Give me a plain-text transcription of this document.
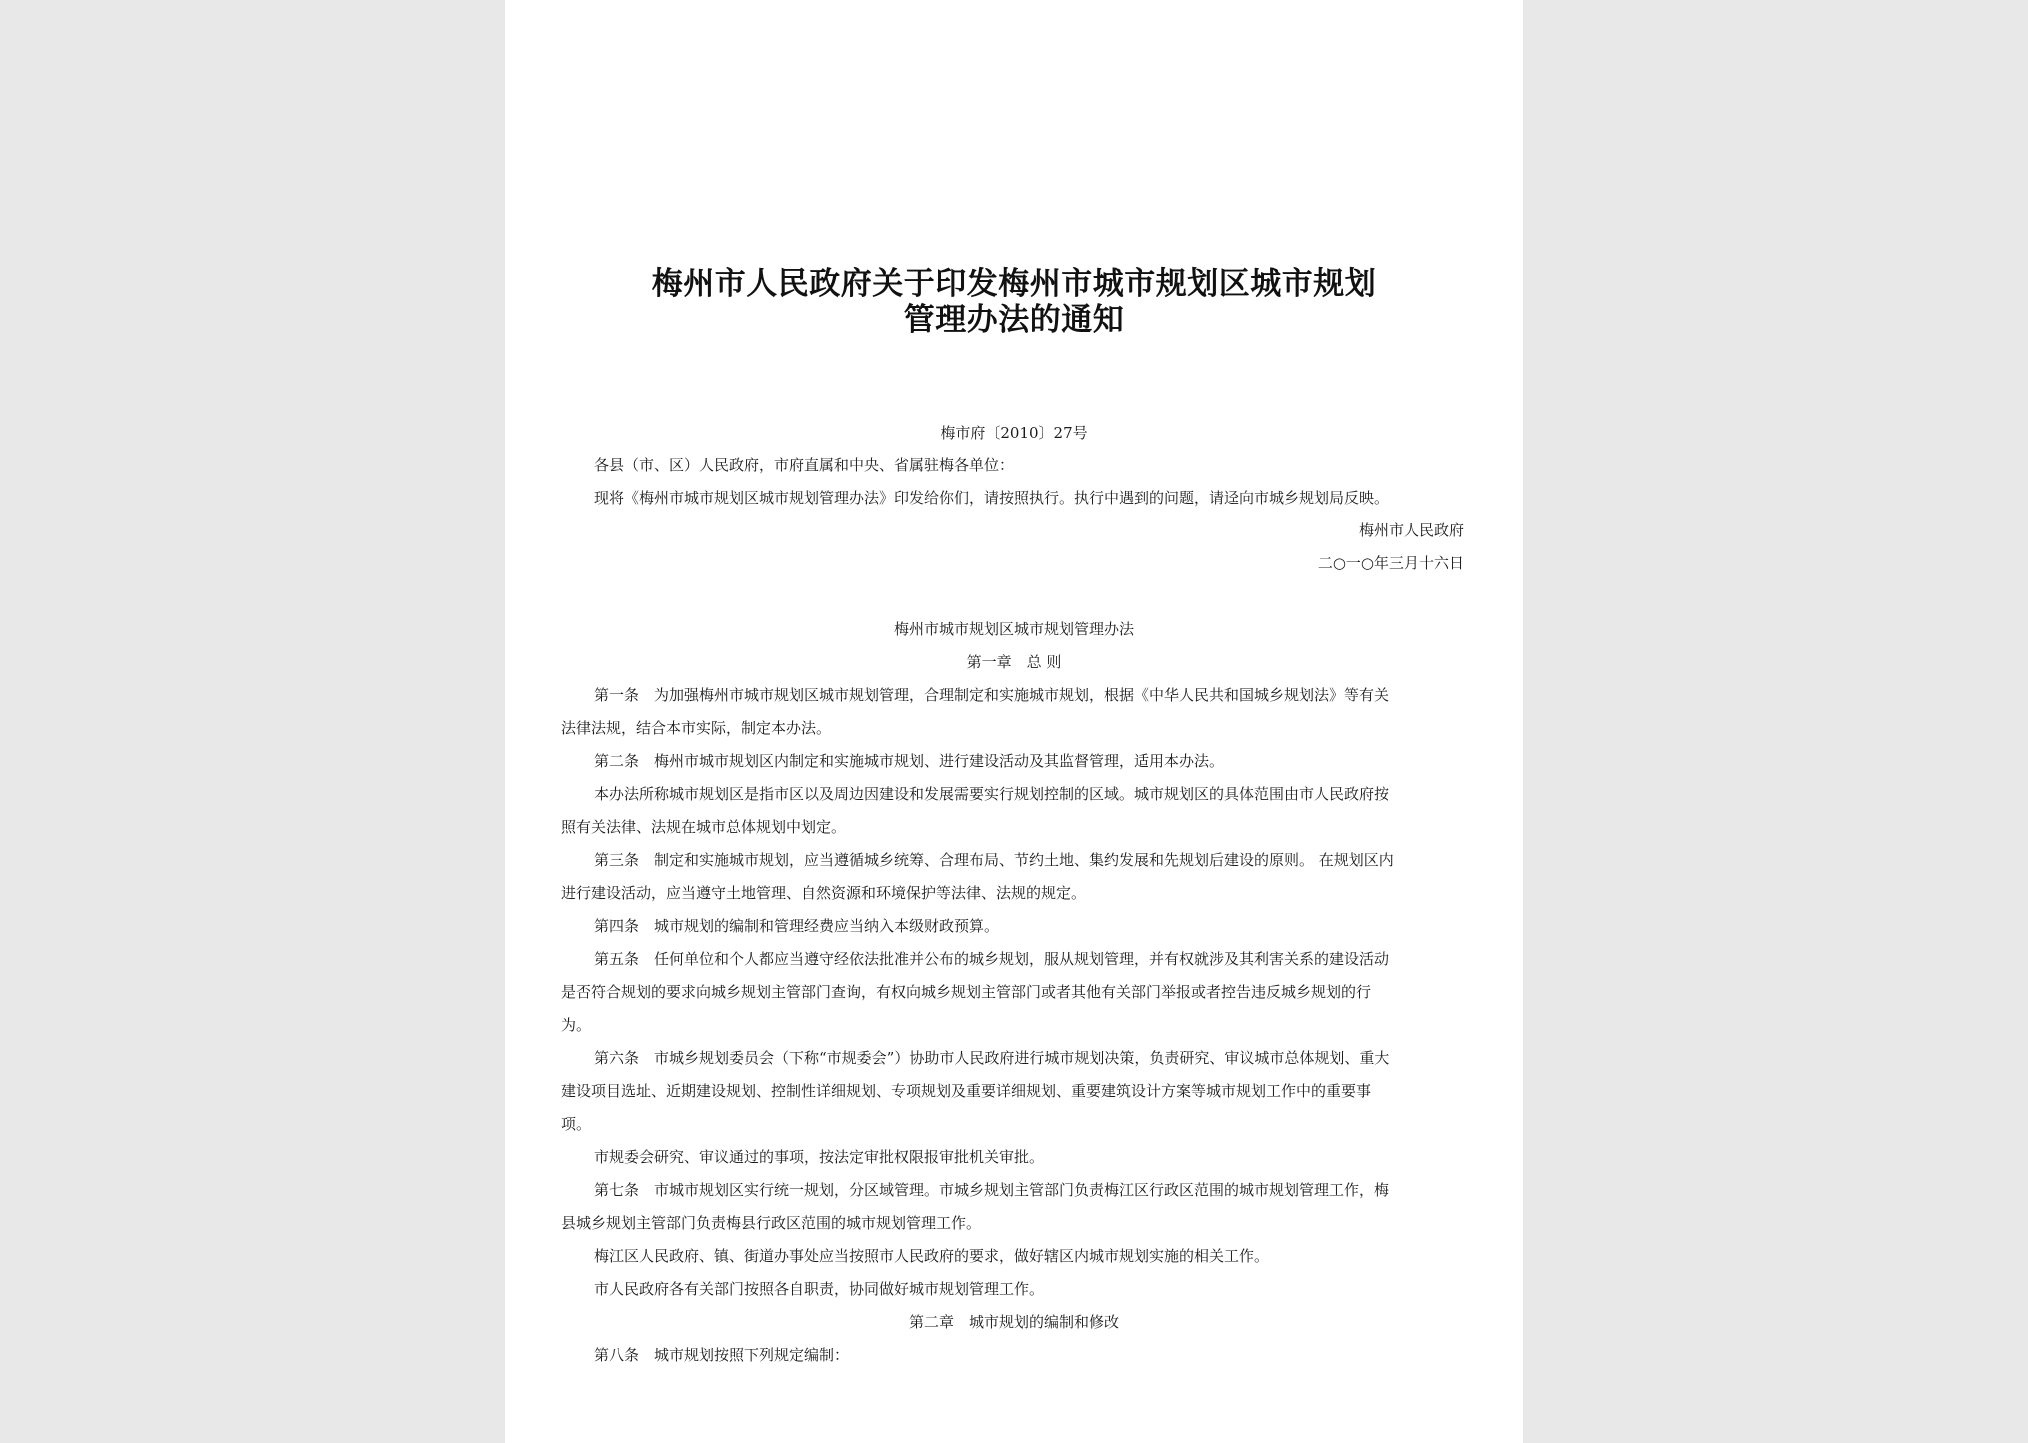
梅州市人民政府关于印发梅州市城市规划区城市规划
管理办法的通知
梅市府〔2010〕27号
各县（市、区）人民政府，市府直属和中央、省属驻梅各单位：
现将《梅州市城市规划区城市规划管理办法》印发给你们，请按照执行。执行中遇到的问题，请迳向市城乡规划局反映。
梅州市人民政府
二○一○年三月十六日
梅州市城市规划区城市规划管理办法
第一章　总 则
第一条　为加强梅州市城市规划区城市规划管理，合理制定和实施城市规划，根据《中华人民共和国城乡规划法》等有关
法律法规，结合本市实际，制定本办法。
第二条　梅州市城市规划区内制定和实施城市规划、进行建设活动及其监督管理，适用本办法。
本办法所称城市规划区是指市区以及周边因建设和发展需要实行规划控制的区域。城市规划区的具体范围由市人民政府按
照有关法律、法规在城市总体规划中划定。
第三条　制定和实施城市规划，应当遵循城乡统筹、合理布局、节约土地、集约发展和先规划后建设的原则。 在规划区内
进行建设活动，应当遵守土地管理、自然资源和环境保护等法律、法规的规定。
第四条　城市规划的编制和管理经费应当纳入本级财政预算。
第五条　任何单位和个人都应当遵守经依法批准并公布的城乡规划，服从规划管理，并有权就涉及其利害关系的建设活动
是否符合规划的要求向城乡规划主管部门查询，有权向城乡规划主管部门或者其他有关部门举报或者控告违反城乡规划的行
为。
第六条　市城乡规划委员会（下称“市规委会”）协助市人民政府进行城市规划决策，负责研究、审议城市总体规划、重大
建设项目选址、近期建设规划、控制性详细规划、专项规划及重要详细规划、重要建筑设计方案等城市规划工作中的重要事
项。
市规委会研究、审议通过的事项，按法定审批权限报审批机关审批。
第七条　市城市规划区实行统一规划，分区域管理。市城乡规划主管部门负责梅江区行政区范围的城市规划管理工作，梅
县城乡规划主管部门负责梅县行政区范围的城市规划管理工作。
梅江区人民政府、镇、街道办事处应当按照市人民政府的要求，做好辖区内城市规划实施的相关工作。
市人民政府各有关部门按照各自职责，协同做好城市规划管理工作。
第二章　城市规划的编制和修改
第八条　城市规划按照下列规定编制：
